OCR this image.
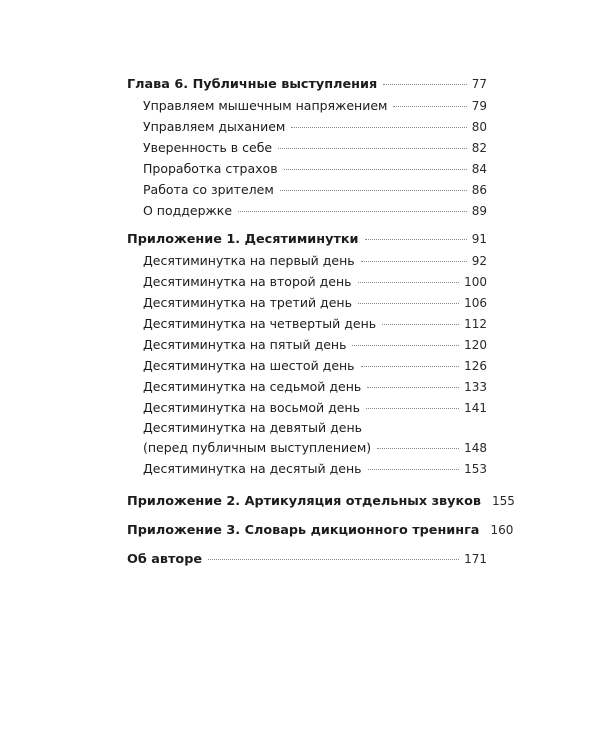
Глава 6. Публичные выступления	77
Управляем мышечным напряжением	79
Управляем дыханием	80
Уверенность в себе	82
Проработка страхов	84
Работа со зрителем	86
О поддержке	89
Приложение 1. Десятиминутки	91
Десятиминутка на первый день	92
Десятиминутка на второй день	100
Десятиминутка на третий день	106
Десятиминутка на четвертый день	112
Десятиминутка на пятый день	120
Десятиминутка на шестой день	126
Десятиминутка на седьмой день	133
Десятиминутка на восьмой день	141
Десятиминутка на девятый день
(перед публичным выступлением)	148
Десятиминутка на десятый день	153
Приложение 2. Артикуляция отдельных звуков 155
Приложение 3. Словарь дикционного тренинга 160
Об авторе	171
